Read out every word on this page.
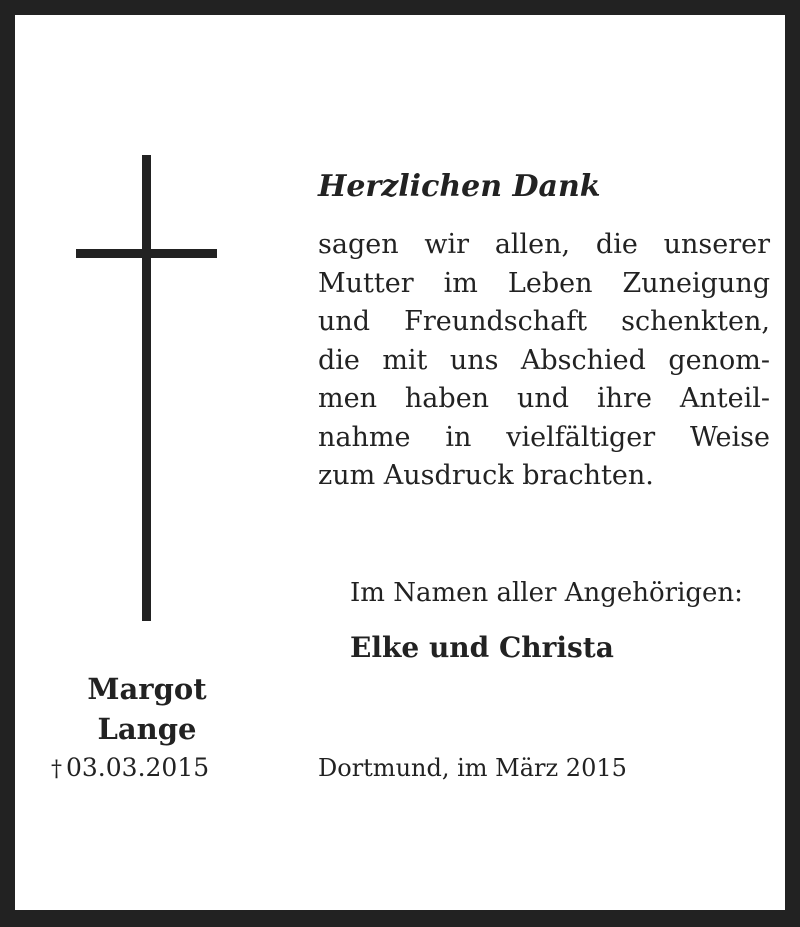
Margot
Lange
† 03.03.2015
Herzlichen Dank
sagen wir allen, die unserer
Mutter im Leben Zuneigung
und Freundschaft schenkten,
die mit uns Abschied genom-
men haben und ihre Anteil-
nahme in vielfältiger Weise
zum Ausdruck brachten.
Im Namen aller Angehörigen:
Elke und Christa
Dortmund, im März 2015
